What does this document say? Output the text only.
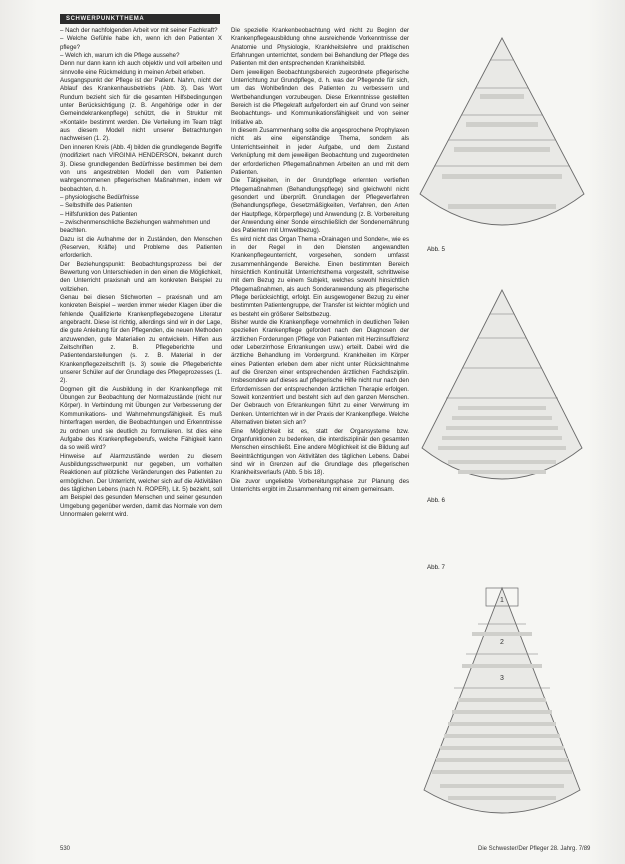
SCHWERPUNKTTHEMA

– Nach der nachfolgenden Arbeit vor mit seiner Fachkraft?

– Welche Gefühle habe ich, wenn ich den Patienten X pflege?

– Welch ich, warum ich die Pflege aussehe?

Denn nur dann kann ich auch objektiv und voll arbeiten und sinnvolle eine Rückmeldung in meinen Arbeit erleben.

Ausgangspunkt der Pflege ist der Patient. Nahm, nicht der Ablauf des Krankenhausbetriebs (Abb. 3). Das Wort Rundum bezieht sich für die gesamten Hilfsbedingungen unter Berücksichtigung (z. B. Angehörige oder in der Gemeindekrankenpflege) schützt, die in Struktur mit »Kontakt« bestimmt werden. Die Verteilung im Team trägt aus diesem Modell nicht unserer Betrachtungen nachweisen (1. 2).

Den inneren Kreis (Abb. 4) bilden die grundlegende Begriffe (modifiziert nach VIRGINIA HENDERSON, bekannt durch 3). Diese grundlegenden Bedürfnisse bestimmen bei dem von uns angestrebten Modell den vom Patienten wahrgenommenen pflegerischen Maßnahmen, indem wir beobachten, d. h.

– physiologische Bedürfnisse

– Selbsthilfe des Patienten

– Hilfsfunktion des Patienten

– zwischenmenschliche Beziehungen wahrnehmen und

beachten.

Dazu ist die Aufnahme der in Zuständen, den Menschen (Reserven, Kräfte) und Probleme des Patienten erforderlich.

Der Beziehungspunkt: Beobachtungsprozess bei der Bewertung von Unterschieden in den einen die Möglichkeit, den Unterricht praxisnah und am konkreten Beispiel zu vollziehen.

Genau bei diesen Stichworten – praxisnah und am konkreten Beispiel – werden immer wieder Klagen über die fehlende Qualifizierte Krankenpflegebezogene Literatur angebracht. Diese ist richtig, allerdings sind wir in der Lage, die gute Anleitung für den Pflegenden, die neuen Methoden anzuwenden, gute Materialien zu entwickeln. Hilfen aus Zeitschriften z. B. Pflegeberichte und Patientendarstellungen (s. z. B. Material in der Krankenpflegezeitschrift (s. 3) sowie die Pflegeberichte unserer Schüler auf der Grundlage des Pflegeprozesses (1. 2).

Dogmen gilt die Ausbildung in der Krankenpflege mit Übungen zur Beobachtung der Normalzustände (nicht nur Körper). In Verbindung mit Übungen zur Verbesserung der Kommunikations- und Wahrnehmungsfähigkeit. Es muß hinterfragen werden, die Beobachtungen und Erkenntnisse zu ordnen und sie deutlich zu formulieren. Ist dies eine Aufgabe des Krankenpflegeberufs, welche Fähigkeit kann da so weiß wird?

Hinweise auf Alarmzustände werden zu diesem Ausbildungsschwerpunkt nur gegeben, um vorhalten Reaktionen auf plötzliche Veränderungen des Patienten zu ermöglichen. Der Unterricht, welcher sich auf die Aktivitäten des täglichen Lebens (nach N. ROPER), Lit. 5) bezieht, soll am Beispiel des gesunden Menschen und seiner gesunden Umgebung gegenüber werden, damit das Normale von dem Unnormalen gelernt wird.

Die spezielle Krankenbeobachtung wird nicht zu Beginn der Krankenpflegeausbildung ohne ausreichende Vorkenntnisse der Anatomie und Physiologie, Krankheitslehre und praktischen Erfahrungen unterrichtet, sondern bei Behandlung der Pflege des Patienten mit den entsprechenden Krankheitsbild.

Dem jeweiligen Beobachtungsbereich zugeordnete pflegerische Unterrichtung zur Grundpflege, d. h. was der Pflegende für sich, um das Wohlbefinden des Patienten zu verbessern und Wertbehandlungen vorzubeugen. Diese Erkenntnisse gestellten Bereich ist die Pflegekraft aufgefordert ein auf Grund von seiner Beobachtungs- und Kommunikationsfähigkeit und von seiner Initiative ab.

In diesem Zusammenhang sollte die angesprochene Prophylaxen nicht als eine eigenständige Thema, sondern als Unterrichtseinheit in jeder Aufgabe, und dem Zustand Verknüpfung mit dem jeweiligen Beobachtung und zugeordneten der erforderlichen Pflegemaßnahmen Arbeiten an und mit dem Patienten.

Die Tätigkeiten, in der Grundpflege erlernten vertieften Pflegemaßnahmen (Behandlungspflege) sind gleichwohl nicht gesondert und überprüft. Grundlagen der Pflegeverfahren (Behandlungspflege, Gesetzmäßigkeiten, Verfahren, den Arten der Hautpflege, Körperpflege) und Anwendung (z. B. Vorbereitung der Anwendung einer Sonde einschließlich der Sondenernährung des Patienten mit Umweltbezug).

Es wird nicht das Organ Thema »Drainagen und Sonden«, wie es in der Regel in den Diensten angewandten Krankenpflegeunterricht, vorgesehen, sondern umfasst zusammenhängende Bereiche. Einen bestimmten Bereich hinsichtlich Kontinuität Unterrichtsthema vorgestellt, schrittweise mit dem Bezug zu einem Subjekt, welches sowohl hinsichtlich Pflegemaßnahmen, als auch Sonderanwendung als pflegerische Pflege berücksichtigt, erfolgt. Ein ausgewogener Bezug zu einer bestimmten Patientengruppe, der Transfer ist leichter möglich und es besteht ein größerer Selbstbezug.

Bisher wurde die Krankenpflege vornehmlich in deutlichen Teilen speziellen Krankenpflege gefordert nach den Diagnosen der ärztlichen Forderungen (Pflege von Patienten mit Herzinsuffizienz oder Leberzirrhose Erkrankungen usw.) erteilt. Dabei wird die ärztliche Behandlung im Vordergrund. Krankheiten im Körper eines Patienten erleben dem aber nicht unter Rücksichtnahme auf die Grenzen einer entsprechenden ärztlichen Fachdisziplin. Insbesondere auf dieses auf pflegerische Hilfe nicht nur nach den Erfordernissen der entsprechenden ärztlichen Therapie erfolgen. Soweit konzentriert und besteht sich auf den ganzen Menschen. Der Gebrauch von Erkrankungen führt zu einer Verwirrung im Denken. Unterrichten wir in der Praxis der Krankenpflege. Welche Alternativen bieten sich an?

Eine Möglichkeit ist es, statt der Organsysteme bzw. Organfunktionen zu bedenken, die interdisziplinär den gesamten Menschen einschließt. Eine andere Möglichkeit ist die Bildung auf Beeinträchtigungen von Aktivitäten des täglichen Lebens. Dabei sind wir in Grenzen auf die Grundlage des pflegerischen Krankheitsverlaufs (Abb. 5 bis 18).

Die zuvor ungeliebte Vorbereitungsphase zur Planung des Unterrichts ergibt im Zusammenhang mit einem gemeinsam.

Abb. 5
Abb. 6
Abb. 7
1
2
3
530	Die Schwester/Der Pfleger 28. Jahrg. 7/89
